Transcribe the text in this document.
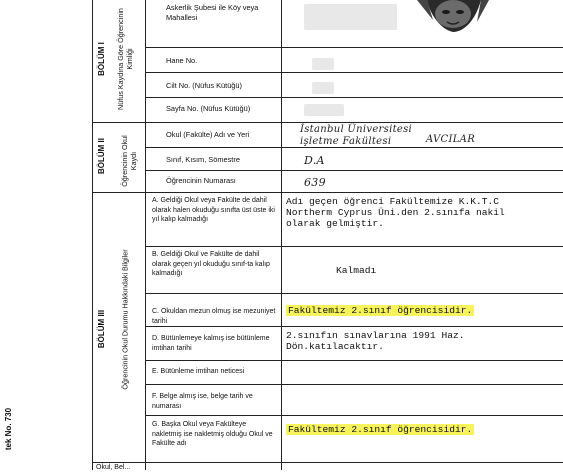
tek No. 730
BÖLÜM I Nüfus Kaydına Göre Öğrencinin Kimliği
BÖLÜM II Öğrencinin Okul Kaydı
BÖLÜM III Öğrencinin Okul Durumu Hakkındaki Bilgiler
Askerlik Şubesi ile Köy veya Mahallesi
Hane No.
Cilt No. (Nüfus Kütüğü)
Sayfa No. (Nüfus Kütüğü)
Okul (Fakülte) Adı ve Yeri
Sınıf, Kısım, Sömestre
Öğrencinin Numarası
İstanbul Üniversitesi
işletme Fakültesi	AVCILAR
D.A
639
A. Geldiği Okul veya Fakülte de dahil olarak halen okuduğu sınıfta üst üste iki yıl kalıp kalmadığı
B. Geldiği Okul ve Fakülte de dahil olarak geçen yıl okuduğu sınıf-ta kalıp kalmadığı
C. Okuldan mezun olmuş ise mezuniyet tarihi
D. Bütünlemeye kalmış ise bütünleme imtihan tarihi
E. Bütünleme imtihan neticesi
F. Belge almış ise, belge tarih ve numarası
G. Başka Okul veya Fakülteye nakletmiş ise nakletmiş olduğu Okul ve Fakülte adı
Adı geçen öğrenci Fakültemize K.K.T.C
Northerm Cyprus Üni.den 2.sınıfa nakil
olarak gelmiştir.
Kalmadı
Fakültemiz 2.sınıf öğrencisidir.
2.sınıfın sınavlarına 1991 Haz.
Dön.katılacaktır.
Fakültemiz 2.sınıf öğrencisidir.
Okul, Bel...
